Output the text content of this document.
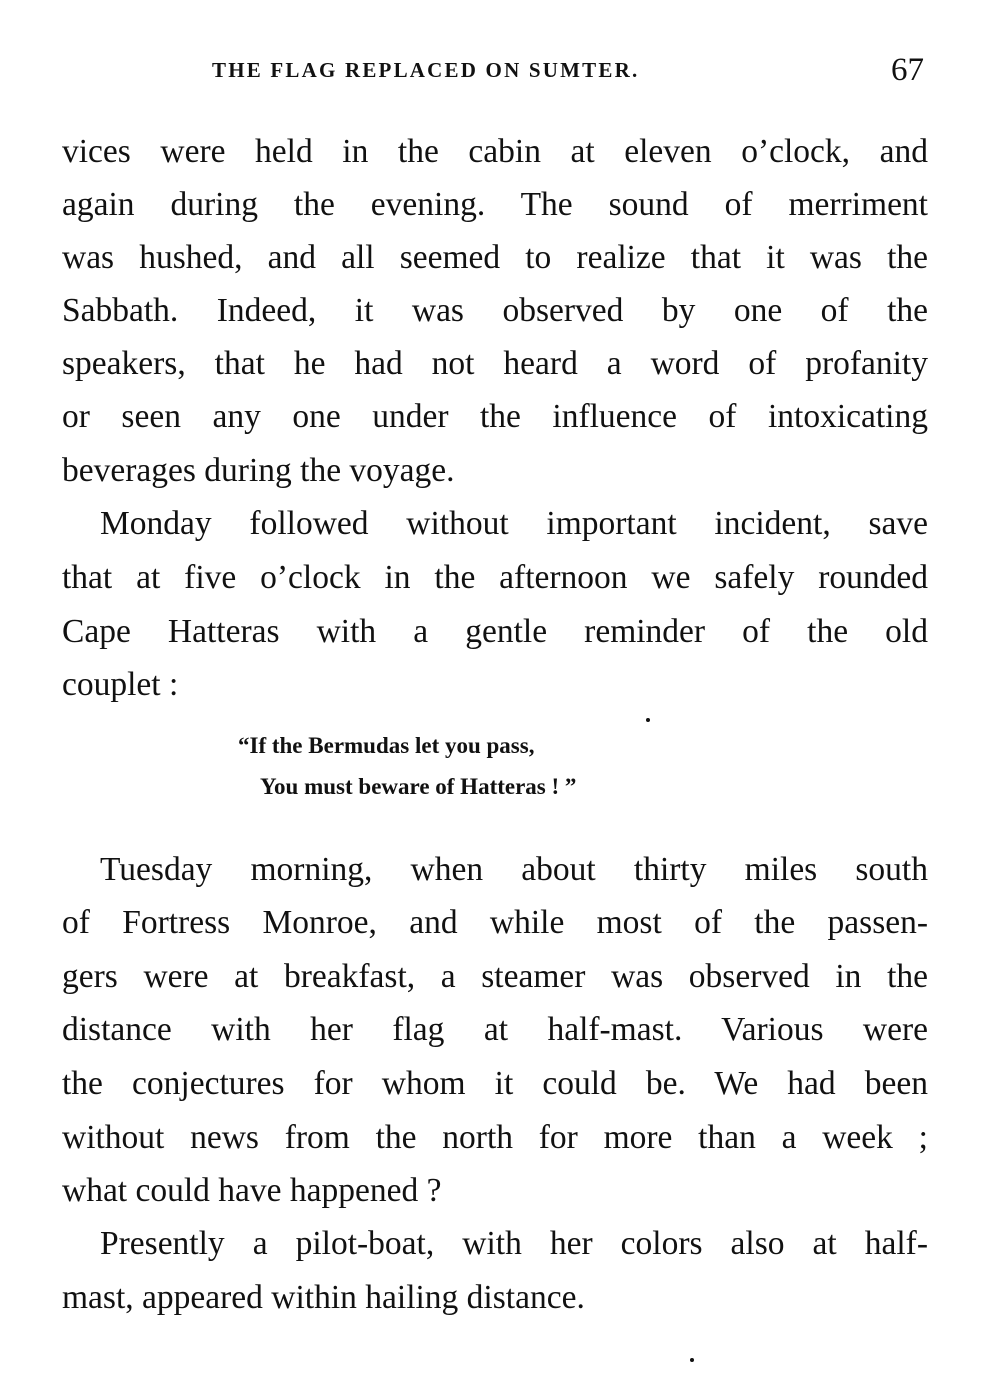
THE FLAG REPLACED ON SUMTER.	67
vices were held in the cabin at eleven o’clock, and
again during the evening. The sound of merriment
was hushed, and all seemed to realize that it was the
Sabbath. Indeed, it was observed by one of the
speakers, that he had not heard a word of profanity
or seen any one under the influence of intoxicating
beverages during the voyage.
Monday followed without important incident, save
that at five o’clock in the afternoon we safely rounded
Cape Hatteras with a gentle reminder of the old
couplet :
“If the Bermudas let you pass,
You must beware of Hatteras ! ”
Tuesday morning, when about thirty miles south
of Fortress Monroe, and while most of the passen-
gers were at breakfast, a steamer was observed in the
distance with her flag at half-mast. Various were
the conjectures for whom it could be. We had been
without news from the north for more than a week ;
what could have happened ?
Presently a pilot-boat, with her colors also at half-
mast, appeared within hailing distance.
